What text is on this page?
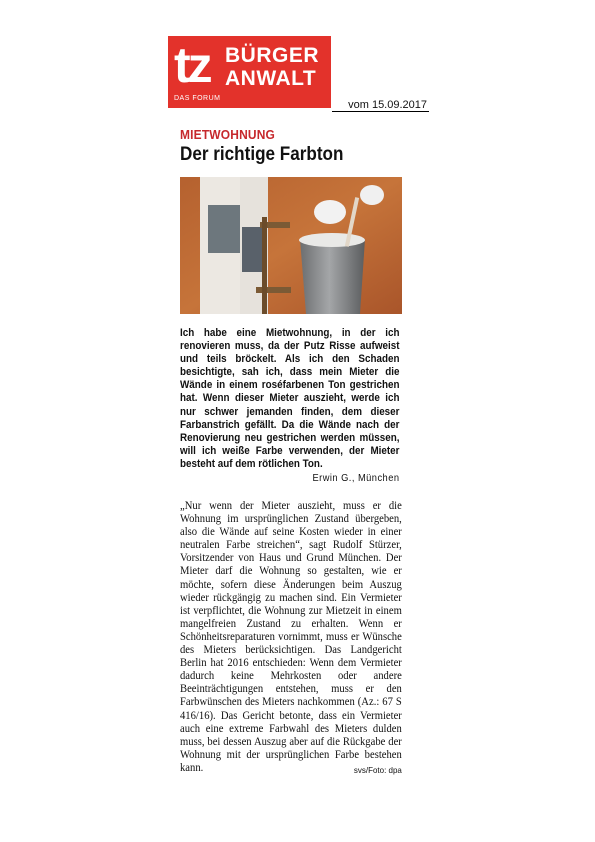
tz BÜRGER
ANWALT
DAS FORUM
vom 15.09.2017
MIETWOHNUNG
Der richtige Farbton
Ich habe eine Mietwohnung, in der ich renovieren muss, da der Putz Risse aufweist und teils bröckelt. Als ich den Schaden besichtigte, sah ich, dass mein Mieter die Wände in einem roséfarbenen Ton gestrichen hat. Wenn dieser Mieter auszieht, werde ich nur schwer jemanden finden, dem dieser Farbanstrich gefällt. Da die Wände nach der Renovierung neu gestrichen werden müssen, will ich weiße Farbe verwenden, der Mieter besteht auf dem rötlichen Ton.
Erwin G., München
„Nur wenn der Mieter auszieht, muss er die Wohnung im ursprünglichen Zustand übergeben, also die Wände auf seine Kosten wieder in einer neutralen Farbe streichen“, sagt Rudolf Stürzer, Vorsitzender von Haus und Grund München. Der Mieter darf die Wohnung so gestalten, wie er möchte, sofern diese Änderungen beim Auszug wieder rückgängig zu machen sind. Ein Vermieter ist verpflichtet, die Wohnung zur Mietzeit in einem mangelfreien Zustand zu erhalten. Wenn er Schönheitsreparaturen vornimmt, muss er Wünsche des Mieters berücksichtigen. Das Landgericht Berlin hat 2016 entschieden: Wenn dem Vermieter dadurch keine Mehrkosten oder andere Beeinträchtigungen entstehen, muss er den Farbwünschen des Mieters nachkommen (Az.: 67 S 416/16). Das Gericht betonte, dass ein Vermieter auch eine extreme Farbwahl des Mieters dulden muss, bei dessen Auszug aber auf die Rückgabe der Wohnung mit der ursprünglichen Farbe bestehen kann.	svs/Foto: dpa
